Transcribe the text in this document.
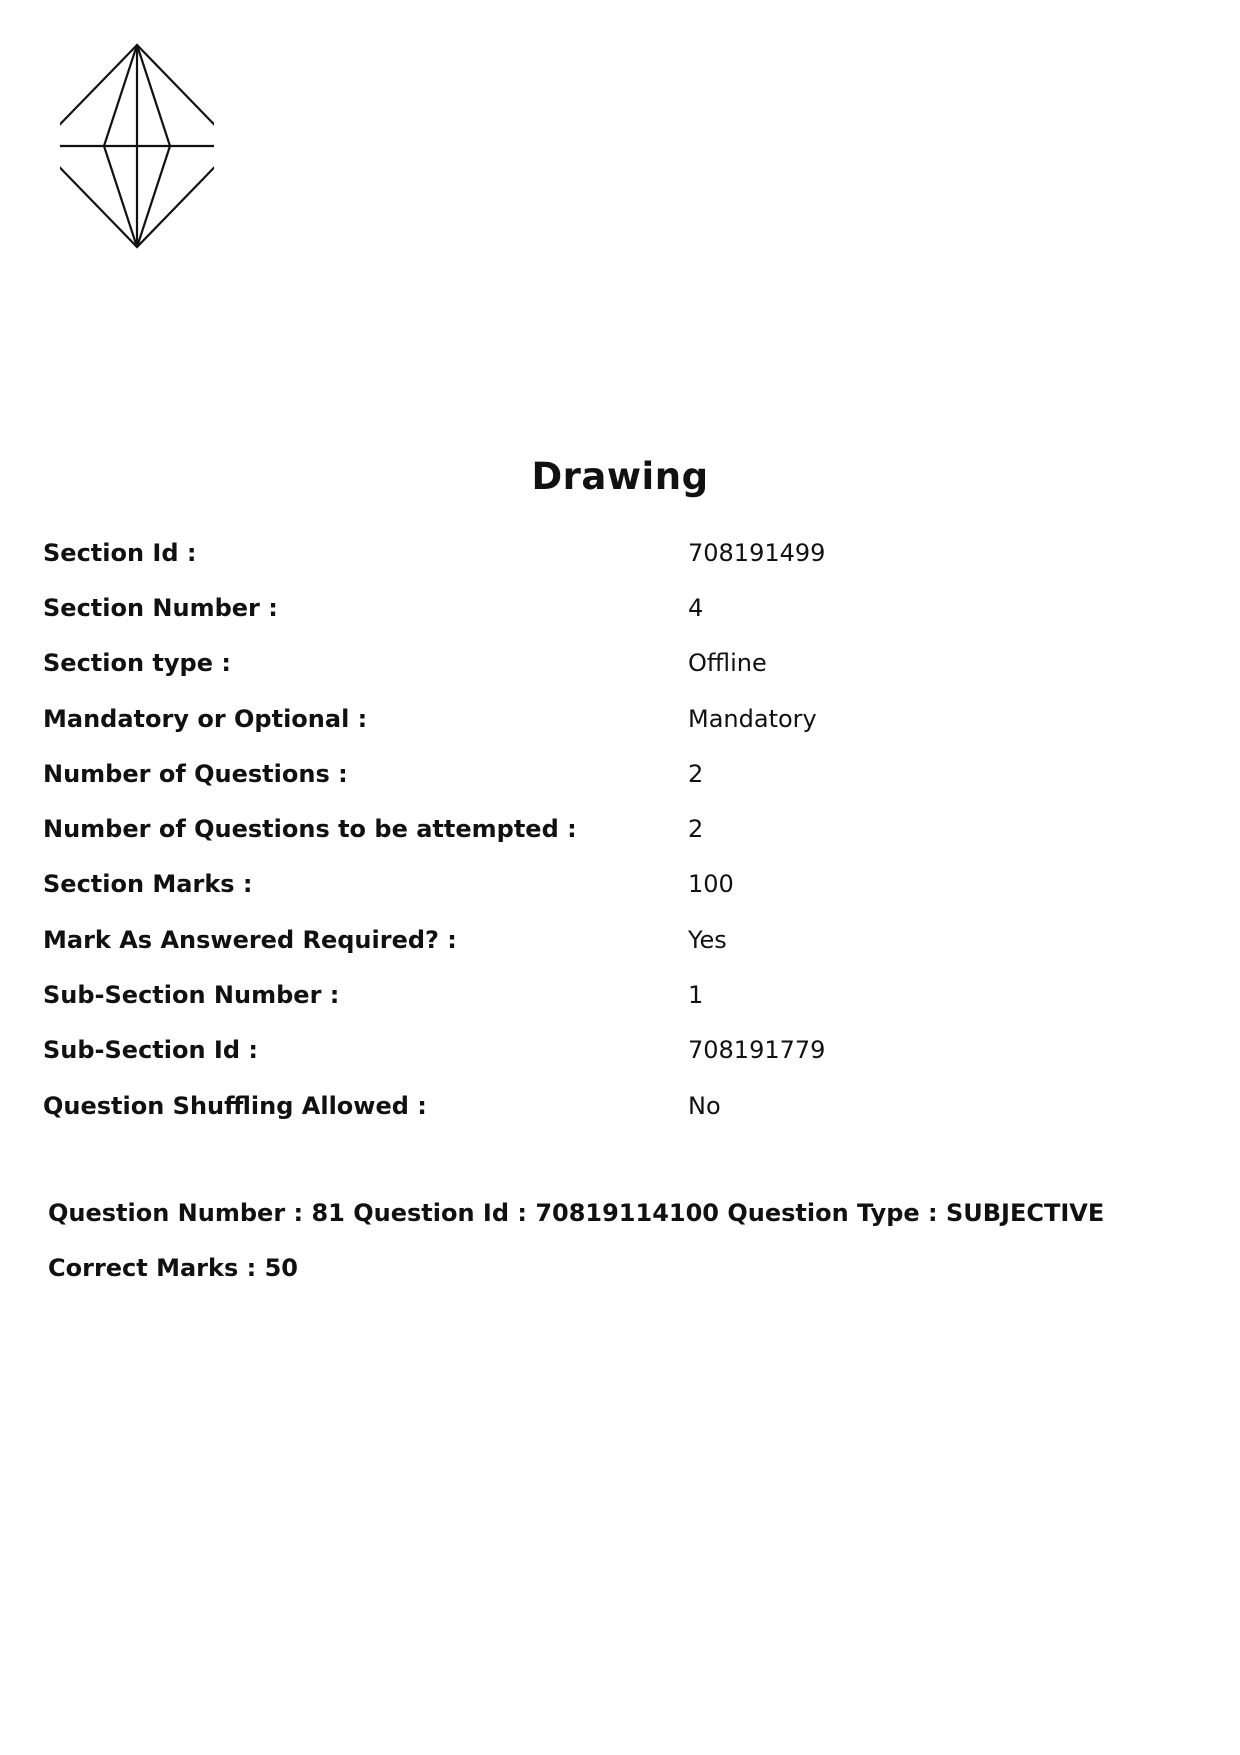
Drawing
Section Id :	708191499
Section Number :	4
Section type :	Offline
Mandatory or Optional :	Mandatory
Number of Questions :	2
Number of Questions to be attempted :	2
Section Marks :	100
Mark As Answered Required? :	Yes
Sub-Section Number :	1
Sub-Section Id :	708191779
Question Shuffling Allowed :	No
Question Number : 81 Question Id : 70819114100 Question Type : SUBJECTIVE
Correct Marks : 50
